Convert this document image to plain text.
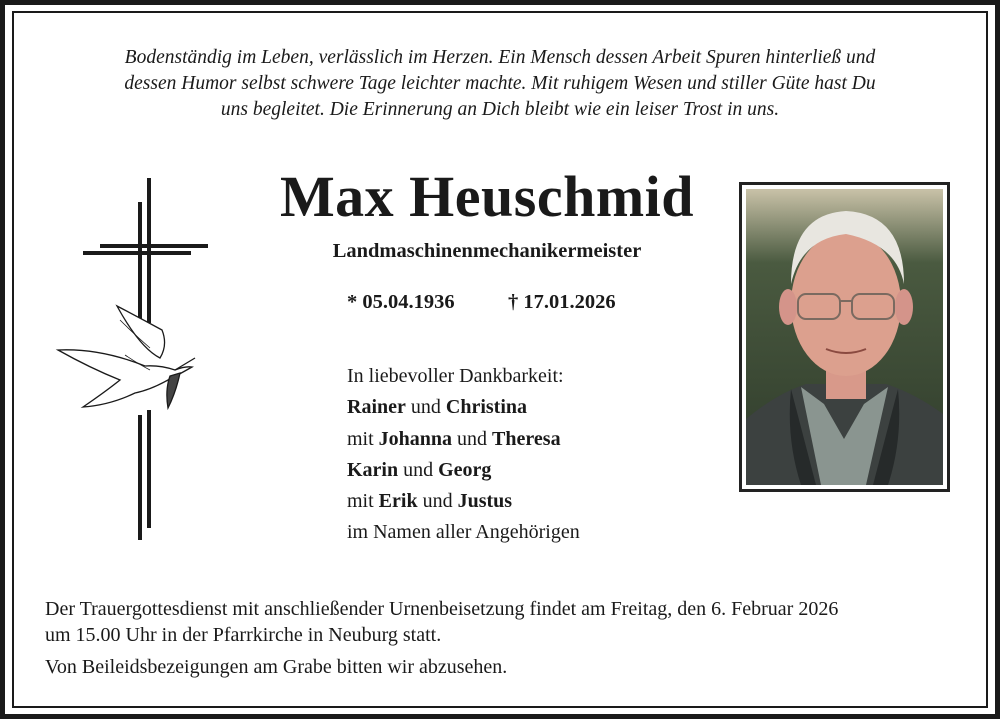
Bodenständig im Leben, verlässlich im Herzen. Ein Mensch dessen Arbeit Spuren hinterließ und
dessen Humor selbst schwere Tage leichter machte. Mit ruhigem Wesen und stiller Güte hast Du
uns begleitet. Die Erinnerung an Dich bleibt wie ein leiser Trost in uns.
Max Heuschmid
Landmaschinenmechanikermeister
* 05.04.1936	† 17.01.2026
In liebevoller Dankbarkeit:
Rainer und Christina
mit Johanna und Theresa
Karin und Georg
mit Erik und Justus
im Namen aller Angehörigen

Der Trauergottesdienst mit anschließender Urnenbeisetzung findet am Freitag, den 6. Februar 2026

um 15.00 Uhr in der Pfarrkirche in Neuburg statt.

Von Beileidsbezeigungen am Grabe bitten wir abzusehen.
